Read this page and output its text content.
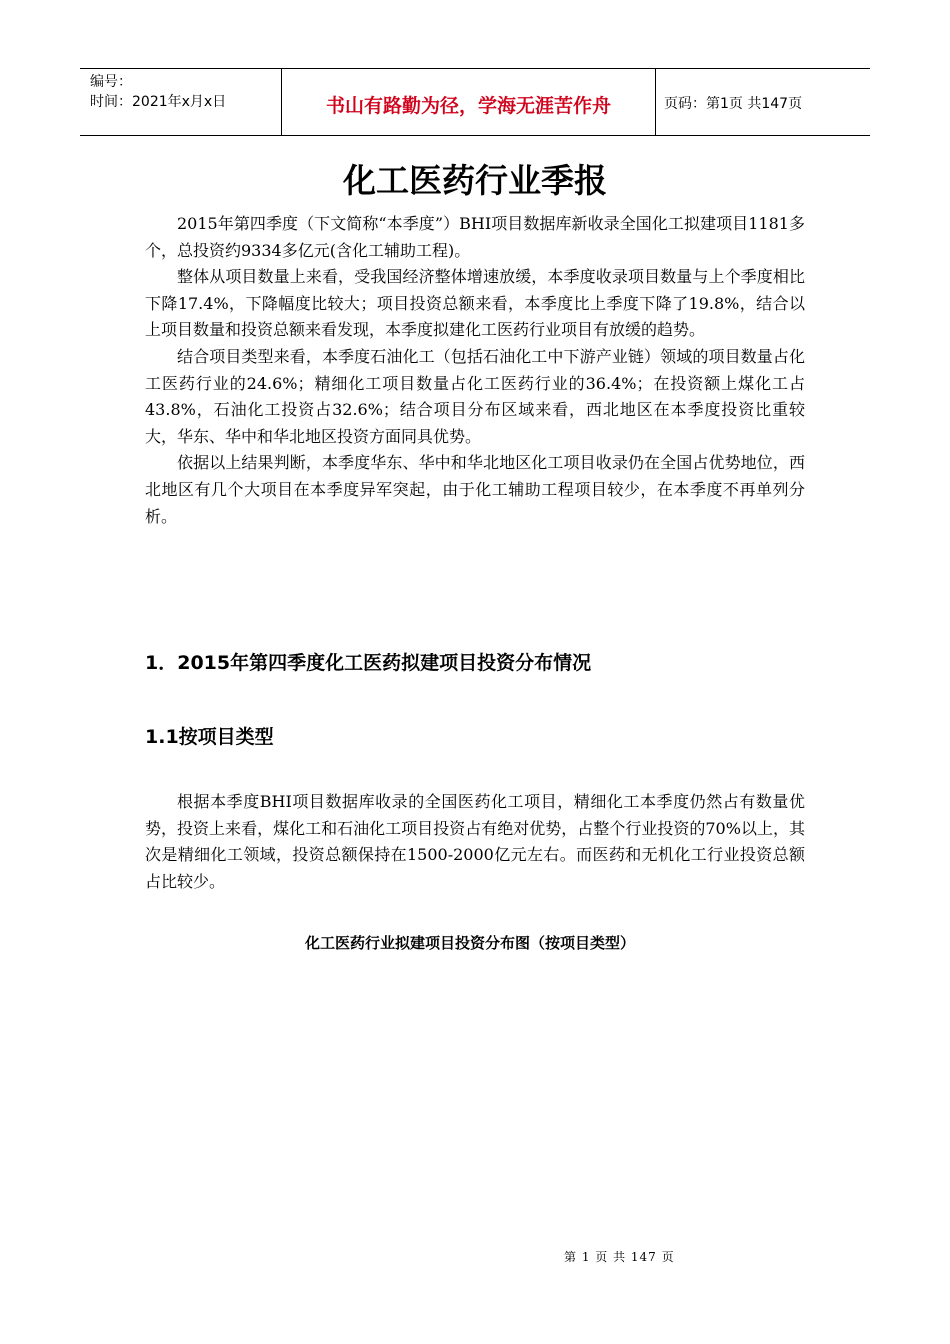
编号：
时间：2021年x月x日	书山有路勤为径，学海无涯苦作舟	页码：第1页 共147页
化工医药行业季报

2015年第四季度（下文简称“本季度”）BHI项目数据库新收录全国化工拟建项目1181多个，总投资约9334多亿元(含化工辅助工程)。

整体从项目数量上来看，受我国经济整体增速放缓，本季度收录项目数量与上个季度相比下降17.4%，下降幅度比较大；项目投资总额来看，本季度比上季度下降了19.8%，结合以上项目数量和投资总额来看发现，本季度拟建化工医药行业项目有放缓的趋势。

结合项目类型来看，本季度石油化工（包括石油化工中下游产业链）领域的项目数量占化工医药行业的24.6%；精细化工项目数量占化工医药行业的36.4%；在投资额上煤化工占43.8%，石油化工投资占32.6%；结合项目分布区域来看，西北地区在本季度投资比重较大，华东、华中和华北地区投资方面同具优势。

依据以上结果判断，本季度华东、华中和华北地区化工项目收录仍在全国占优势地位，西北地区有几个大项目在本季度异军突起，由于化工辅助工程项目较少，在本季度不再单列分析。

1．2015年第四季度化工医药拟建项目投资分布情况
1.1按项目类型

根据本季度BHI项目数据库收录的全国医药化工项目，精细化工本季度仍然占有数量优势，投资上来看，煤化工和石油化工项目投资占有绝对优势，占整个行业投资的70%以上，其次是精细化工领域，投资总额保持在1500-2000亿元左右。而医药和无机化工行业投资总额占比较少。

化工医药行业拟建项目投资分布图（按项目类型）

第 1 页 共 147 页
